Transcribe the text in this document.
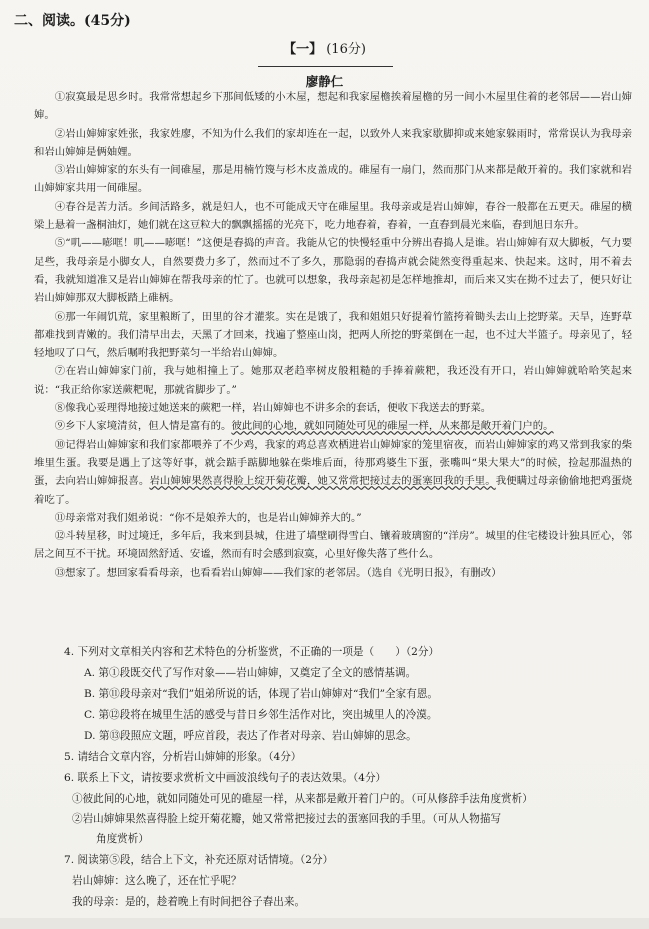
二、阅读。(45分)
【一】 (16分)
廖静仁

①寂寞最是思乡时。我常常想起乡下那间低矮的小木屋，想起和我家屋檐挨着屋檐的另一间小木屋里住着的老邻居——岩山婶婶。

②岩山婶婶家姓张，我家姓廖，不知为什么我们的家却连在一起，以致外人来我家歇脚抑或来她家躲雨时，常常误认为我母亲和岩山婶婶是俩妯娌。

③岩山婶婶家的东头有一间碓屋，那是用楠竹篾与杉木皮盖成的。碓屋有一扇门，然而那门从来都是敞开着的。我们家就和岩山婶婶家共用一间碓屋。

④春谷是苦力活。乡间活路多，就是妇人，也不可能成天守在碓屋里。我母亲或是岩山婶婶，春谷一般都在五更天。碓屋的横梁上悬着一盏桐油灯，她们就在这豆粒大的飘飘摇摇的光亮下，吃力地舂着，舂着，一直舂到晨光来临，舂到旭日东升。

⑤“叽——嘭哐！叽——嘭哐！”这便是舂捣的声音。我能从它的快慢轻重中分辨出舂捣人是谁。岩山婶婶有双大脚板，气力要足些，我母亲是小脚女人，自然要费力多了，然而过不了多久，那隐弱的舂捣声就会陡然变得重起来、快起来。这时，用不着去看，我就知道准又是岩山婶婶在帮我母亲的忙了。也就可以想象，我母亲起初是怎样地推却，而后来又实在拗不过去了，便只好让岩山婶婶那双大脚板踏上碓柄。

⑥那一年闹饥荒，家里粮断了，田里的谷才灌浆。实在是饿了，我和姐姐只好提着竹篮挎着锄头去山上挖野菜。天旱，连野草都难找到青嫩的。我们清早出去，天黑了才回来，找遍了整座山岗，把两人所挖的野菜倒在一起，也不过大半篮子。母亲见了，轻轻地叹了口气，然后嘱咐我把野菜匀一半给岩山婶婶。

⑦在岩山婶婶家门前，我与她相撞上了。她那双老趋率树皮般粗糙的手捧着蕨粑，我还没有开口，岩山婶婶就哈哈笑起来说：“我正给你家送蕨粑呢，那就省脚步了。”

⑧像我心妥理得地接过她送来的蕨粑一样，岩山婶婶也不讲多余的套话，便收下我送去的野菜。

⑨乡下人家境清贫，但人情是富有的。彼此间的心地，就如同随处可见的碓屋一样，从来都是敞开着门户的。

⑩记得岩山婶婶家和我们家都喂养了不少鸡，我家的鸡总喜欢栖进岩山婶婶家的笼里宿夜，而岩山婶婶家的鸡又常到我家的柴堆里生蛋。我要是遇上了这等好事，就会踮手踮脚地躲在柴堆后面，待那鸡婆生下蛋，张嘴叫“果大果大”的时候，捡起那温热的蛋，去向岩山婶婶报喜。岩山婶婶果然喜得脸上绽开菊花瓣，她又常常把接过去的蛋塞回我的手里。我便瞒过母亲偷偷地把鸡蛋烧着吃了。

⑪母亲常对我们姐弟说：“你不是娘养大的，也是岩山婶婶养大的。”

⑫斗转星移，时过境迁，多年后，我来到县城，住进了墙壁刷得雪白、镶着玻璃窗的“洋房”。城里的住宅楼设计独具匠心，邻居之间互不干扰。环境固然舒适、安谧，然而有时会感到寂寞，心里好像失落了些什么。

⑬想家了。想回家看看母亲，也看看岩山婶婶——我们家的老邻居。（选自《光明日报》，有删改）

4. 下列对文章相关内容和艺术特色的分析鉴赏，不正确的一项是（　　）（2分）

A. 第①段既交代了写作对象——岩山婶婶，又奠定了全文的感情基调。

B. 第⑪段母亲对“我们”姐弟所说的话，体现了岩山婶婶对“我们”全家有恩。

C. 第⑫段将在城里生活的感受与昔日乡邻生活作对比，突出城里人的冷漠。

D. 第⑬段照应文题，呼应首段，表达了作者对母亲、岩山婶婶的思念。

5. 请结合文章内容，分析岩山婶婶的形象。（4分）

6. 联系上下文，请按要求赏析文中画波浪线句子的表达效果。（4分）

①彼此间的心地，就如同随处可见的碓屋一样，从来都是敞开着门户的。（可从修辞手法角度赏析）

②岩山婶婶果然喜得脸上绽开菊花瓣，她又常常把接过去的蛋塞回我的手里。（可从人物描写

角度赏析）

7. 阅读第⑤段，结合上下文，补充还原对话情境。（2分）

岩山婶婶：这么晚了，还在忙乎呢？

我的母亲：是的，趁着晚上有时间把谷子舂出来。
